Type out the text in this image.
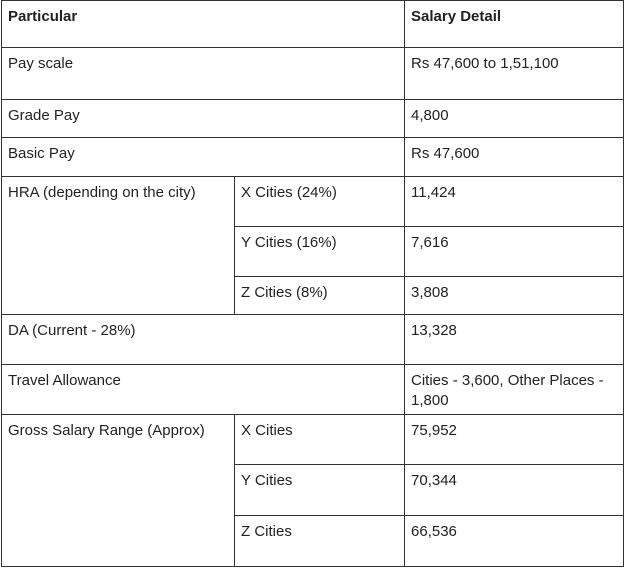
Particular		Salary Detail
Pay scale		Rs 47,600 to 1,51,100
Grade Pay		4,800
Basic Pay		Rs 47,600
HRA (depending on the city)	X Cities (24%)	11,424
	Y Cities (16%)	7,616
	Z Cities (8%)	3,808
DA (Current - 28%)		13,328
Travel Allowance		Cities - 3,600, Other Places - 1,800
Gross Salary Range (Approx)	X Cities	75,952
	Y Cities	70,344
	Z Cities	66,536
